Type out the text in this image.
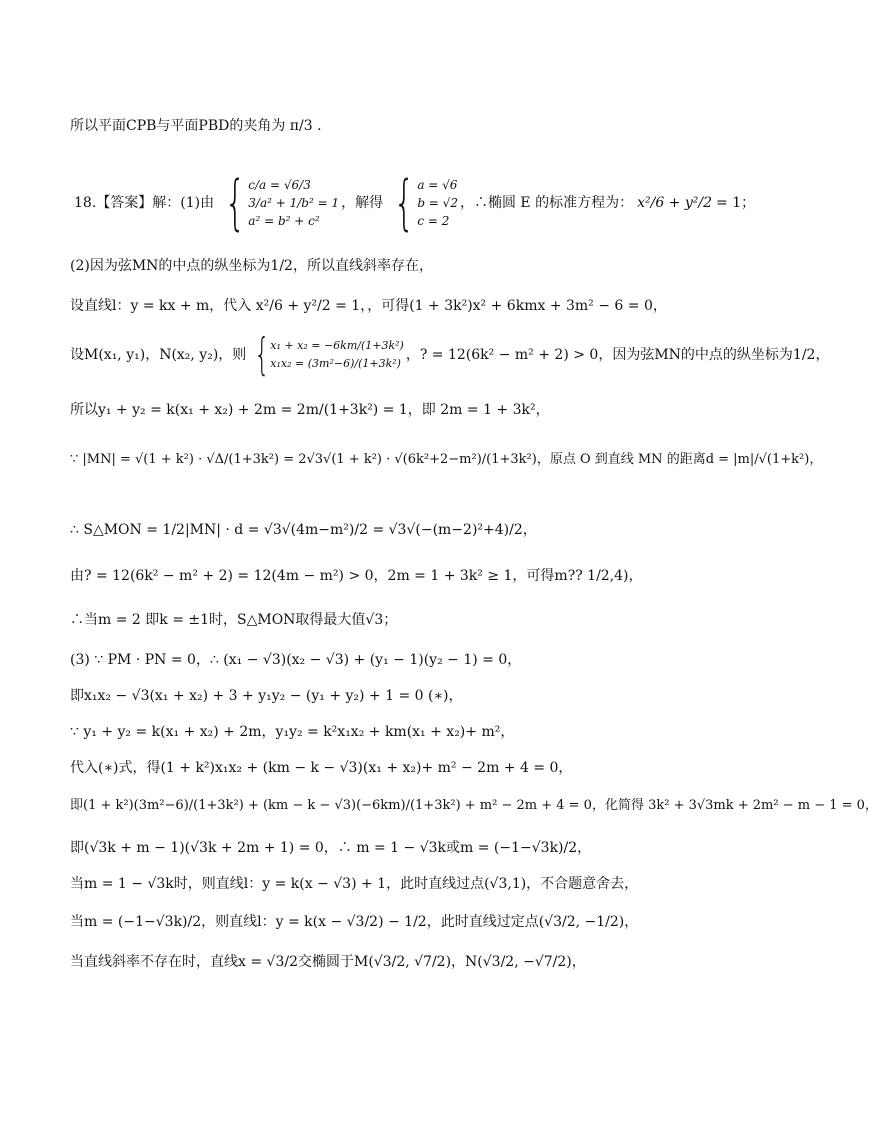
所以平面CPB与平面PBD的夹角为 π/3 .
18.【答案】解：(1)由 { c/a = √6/3
3/a² + 1/b² = 1
a² = b² + c²
，解得 { a = √6
b = √2
c = 2
，∴椭圆 E 的标准方程为： x²/6 + y²/2 = 1；
(2)因为弦MN的中点的纵坐标为1/2，所以直线斜率存在，
设直线l：y = kx + m，代入 x²/6 + y²/2 = 1，，可得(1 + 3k²)x² + 6kmx + 3m² − 6 = 0，
设M(x₁, y₁)，N(x₂, y₂)，则 { x₁ + x₂ = −6km/(1+3k²)
x₁x₂ = (3m²−6)/(1+3k²)
，? = 12(6k² − m² + 2) > 0，因为弦MN的中点的纵坐标为 1/2，
所以y₁ + y₂ = k(x₁ + x₂) + 2m = 2m/(1+3k²) = 1，即 2m = 1 + 3k²，
∵ |MN| = √(1 + k²) · √Δ/(1+3k²) = 2√3√(1 + k²) · √(6k²+2−m²)/(1+3k²)，原点 O 到直线 MN 的距离d = |m|/√(1+k²)，
∴ S△MON = 1/2|MN| · d = √3√(4m−m²)/2 = √3√(−(m−2)²+4)/2，
由? = 12(6k² − m² + 2) = 12(4m − m²) > 0，2m = 1 + 3k² ≥ 1，可得m?? 1/2,4)，
∴当m = 2 即k = ±1时，S△MON取得最大值√3；
(3) ∵ PM · PN = 0，∴ (x₁ − √3)(x₂ − √3) + (y₁ − 1)(y₂ − 1) = 0，
即x₁x₂ − √3(x₁ + x₂) + 3 + y₁y₂ − (y₁ + y₂) + 1 = 0 (∗)，
∵ y₁ + y₂ = k(x₁ + x₂) + 2m，y₁y₂ = k²x₁x₂ + km(x₁ + x₂)+ m²，
代入(∗)式，得(1 + k²)x₁x₂ + (km − k − √3)(x₁ + x₂)+ m² − 2m + 4 = 0，
即(1 + k²)(3m²−6)/(1+3k²) + (km − k − √3)(−6km)/(1+3k²) + m² − 2m + 4 = 0，化简得 3k² + 3√3mk + 2m² − m − 1 = 0，
即(√3k + m − 1)(√3k + 2m + 1) = 0，∴ m = 1 − √3k或m = (−1−√3k)/2，
当m = 1 − √3k时，则直线l：y = k(x − √3) + 1，此时直线过点(√3,1)，不合题意舍去，
当m = (−1−√3k)/2，则直线l：y = k(x − √3/2) − 1/2，此时直线过定点(√3/2, −1/2)，
当直线斜率不存在时，直线x = √3/2交椭圆于M(√3/2, √7/2)，N(√3/2, −√7/2)，
